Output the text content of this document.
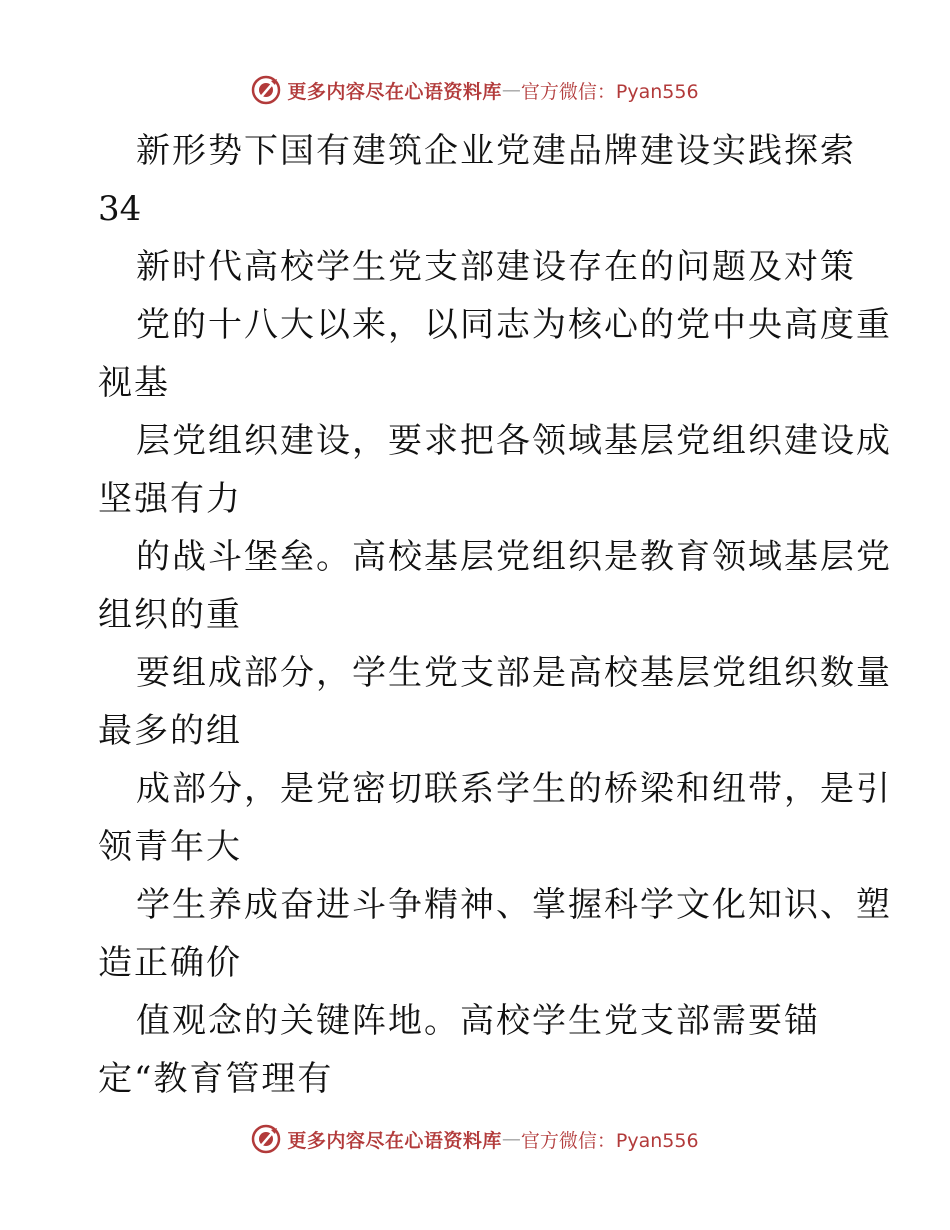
更多内容尽在心语资料库 — 官方微信：Pyan556
新形势下国有建筑企业党建品牌建设实践探索
34
新时代高校学生党支部建设存在的问题及对策
党的十八大以来，以同志为核心的党中央高度重
视基
层党组织建设，要求把各领域基层党组织建设成
坚强有力
的战斗堡垒。高校基层党组织是教育领域基层党
组织的重
要组成部分，学生党支部是高校基层党组织数量
最多的组
成部分，是党密切联系学生的桥梁和纽带，是引
领青年大
学生养成奋进斗争精神、掌握科学文化知识、塑
造正确价
值观念的关键阵地。高校学生党支部需要锚
定“教育管理有
更多内容尽在心语资料库 — 官方微信：Pyan556
